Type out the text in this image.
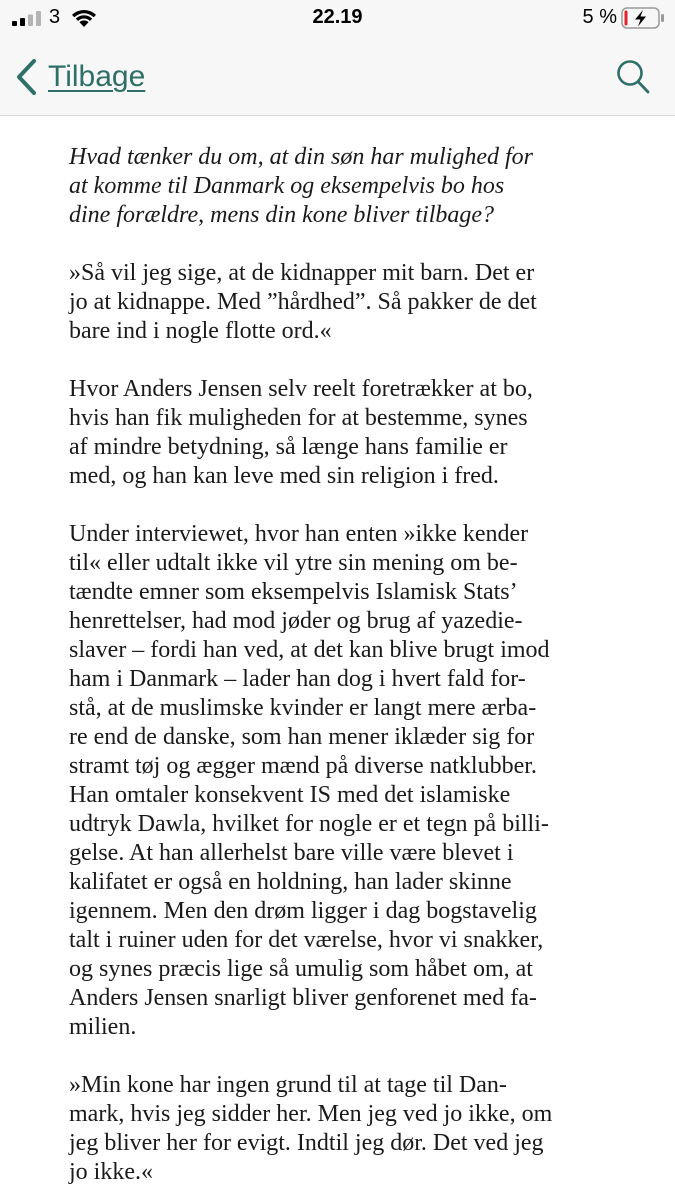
3	22.19	5 %
Tilbage

Hvad tænker du om, at din søn har mulighed for
at komme til Danmark og eksempelvis bo hos
dine forældre, mens din kone bliver tilbage?

»Så vil jeg sige, at de kidnapper mit barn. Det er
jo at kidnappe. Med ”hårdhed”. Så pakker de det
bare ind i nogle flotte ord.«

Hvor Anders Jensen selv reelt foretrækker at bo,
hvis han fik muligheden for at bestemme, synes
af mindre betydning, så længe hans familie er
med, og han kan leve med sin religion i fred.

Under interviewet, hvor han enten »ikke kender
til« eller udtalt ikke vil ytre sin mening om be-
tændte emner som eksempelvis Islamisk Stats’
henrettelser, had mod jøder og brug af yazedie-
slaver – fordi han ved, at det kan blive brugt imod
ham i Danmark – lader han dog i hvert fald for-
stå, at de muslimske kvinder er langt mere ærba-
re end de danske, som han mener iklæder sig for
stramt tøj og ægger mænd på diverse natklubber.
Han omtaler konsekvent IS med det islamiske
udtryk Dawla, hvilket for nogle er et tegn på billi-
gelse. At han allerhelst bare ville være blevet i
kalifatet er også en holdning, han lader skinne
igennem. Men den drøm ligger i dag bogstavelig
talt i ruiner uden for det værelse, hvor vi snakker,
og synes præcis lige så umulig som håbet om, at
Anders Jensen snarligt bliver genforenet med fa-
milien.

»Min kone har ingen grund til at tage til Dan-
mark, hvis jeg sidder her. Men jeg ved jo ikke, om
jeg bliver her for evigt. Indtil jeg dør. Det ved jeg
jo ikke.«
